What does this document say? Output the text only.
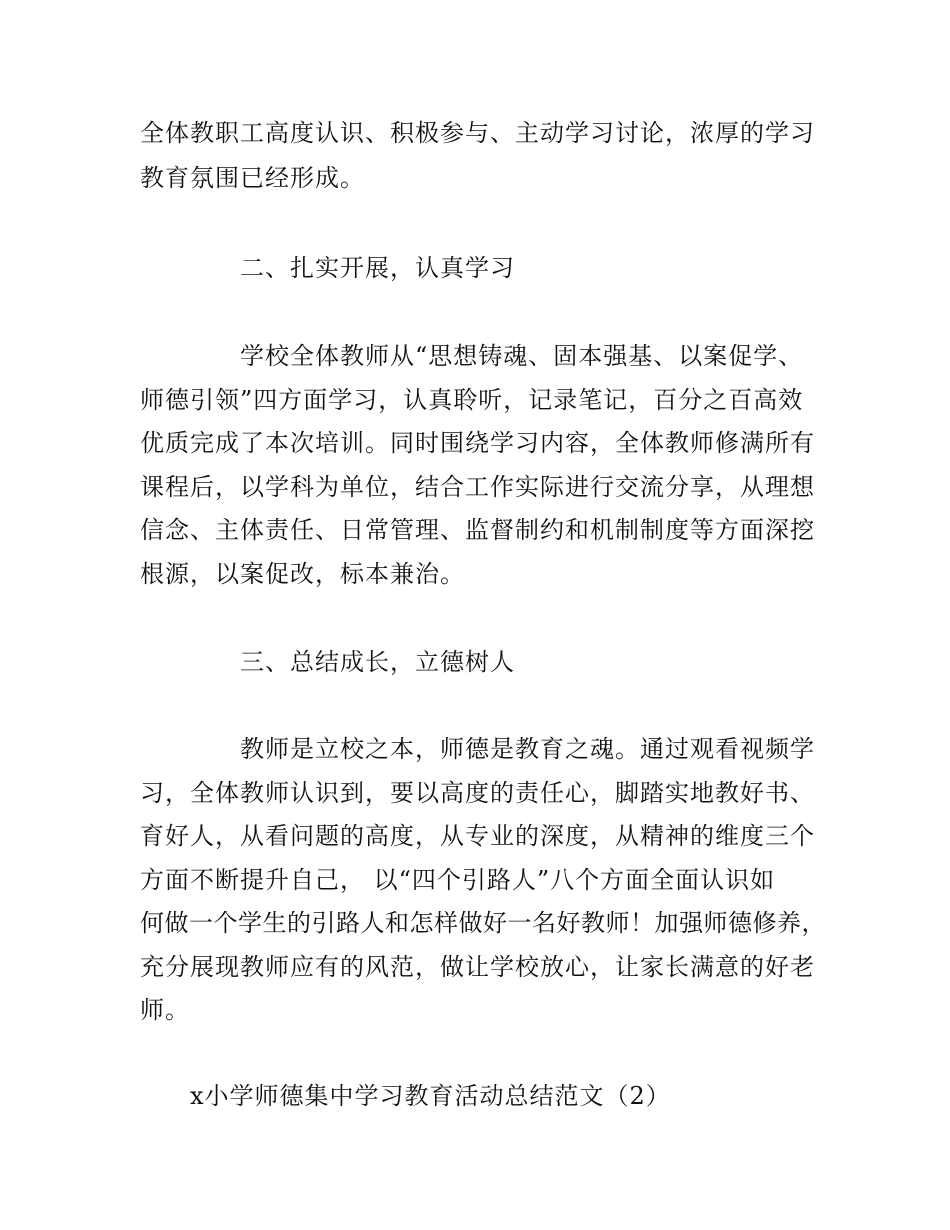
全体教职工高度认识、积极参与、主动学习讨论，浓厚的学习
教育氛围已经形成。
二、扎实开展，认真学习
学校全体教师从“思想铸魂、固本强基、以案促学、
师德引领”四方面学习，认真聆听，记录笔记，百分之百高效
优质完成了本次培训。同时围绕学习内容，全体教师修满所有
课程后，以学科为单位，结合工作实际进行交流分享，从理想
信念、主体责任、日常管理、监督制约和机制制度等方面深挖
根源，以案促改，标本兼治。
三、总结成长，立德树人
教师是立校之本，师德是教育之魂。通过观看视频学
习，全体教师认识到，要以高度的责任心，脚踏实地教好书、
育好人，从看问题的高度，从专业的深度，从精神的维度三个
方面不断提升自己， 以“四个引路人”八个方面全面认识如
何做一个学生的引路人和怎样做好一名好教师！加强师德修养，
充分展现教师应有的风范，做让学校放心，让家长满意的好老
师。
x小学师德集中学习教育活动总结范文（2）
